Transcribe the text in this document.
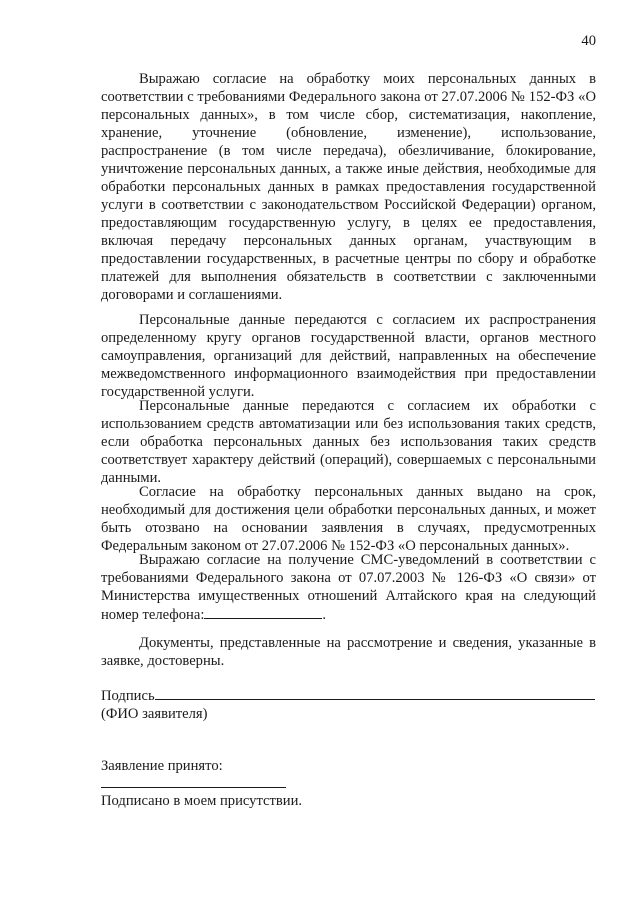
40

Выражаю согласие на обработку моих персональных данных в соответствии с требованиями Федерального закона от 27.07.2006 № 152-ФЗ «О персональных данных», в том числе сбор, систематизация, накопление, хранение, уточнение (обновление, изменение), использование, распространение (в том числе передача), обезличивание, блокирование, уничтожение персональных данных, а также иные действия, необходимые для обработки персональных данных в рамках предоставления государственной услуги в соответствии с законодательством Российской Федерации) органом, предоставляющим государственную услугу, в целях ее предоставления, включая передачу персональных данных органам, участвующим в предоставлении государственных, в расчетные центры по сбору и обработке платежей для выполнения обязательств в соответствии с заключенными договорами и соглашениями.

Персональные данные передаются с согласием их распространения определенному кругу органов государственной власти, органов местного самоуправления, организаций для действий, направленных на обеспечение межведомственного информационного взаимодействия при предоставлении государственной услуги.

Персональные данные передаются с согласием их обработки с использованием средств автоматизации или без использования таких средств, если обработка персональных данных без использования таких средств соответствует характеру действий (операций), совершаемых с персональными данными.

Согласие на обработку персональных данных выдано на срок, необходимый для достижения цели обработки персональных данных, и может быть отозвано на основании заявления в случаях, предусмотренных Федеральным законом от 27.07.2006 № 152-ФЗ «О персональных данных».

Выражаю согласие на получение СМС-уведомлений в соответствии с требованиями Федерального закона от 07.07.2003 № 126-ФЗ «О связи» от Министерства имущественных отношений Алтайского края на следующий номер телефона:	.

Документы, представленные на рассмотрение и сведения, указанные в заявке, достоверны.

Подпись
(ФИО заявителя)
Заявление принято:
Подписано в моем присутствии.
